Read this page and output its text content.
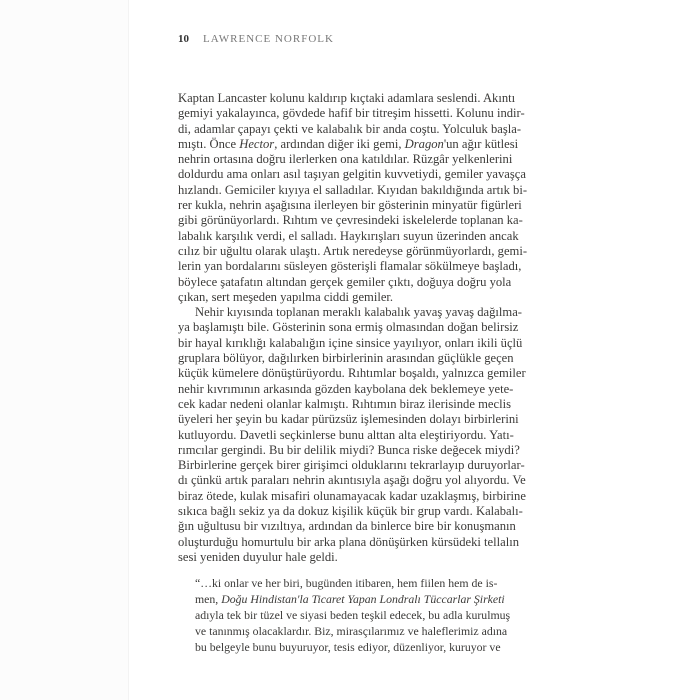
10 LAWRENCE NORFOLK
Kaptan Lancaster kolunu kaldırıp kıçtaki adamlara seslendi. Akıntı
gemiyi yakalayınca, gövdede hafif bir titreşim hissetti. Kolunu indir-
di, adamlar çapayı çekti ve kalabalık bir anda coştu. Yolculuk başla-
mıştı. Önce Hector, ardından diğer iki gemi, Dragon'un ağır kütlesi
nehrin ortasına doğru ilerlerken ona katıldılar. Rüzgâr yelkenlerini
doldurdu ama onları asıl taşıyan gelgitin kuvvetiydi, gemiler yavaşça
hızlandı. Gemiciler kıyıya el salladılar. Kıyıdan bakıldığında artık bi-
rer kukla, nehrin aşağısına ilerleyen bir gösterinin minyatür figürleri
gibi görünüyorlardı. Rıhtım ve çevresindeki iskelelerde toplanan ka-
labalık karşılık verdi, el salladı. Haykırışları suyun üzerinden ancak
cılız bir uğultu olarak ulaştı. Artık neredeyse görünmüyorlardı, gemi-
lerin yan bordalarını süsleyen gösterişli flamalar sökülmeye başladı,
böylece şatafatın altından gerçek gemiler çıktı, doğuya doğru yola
çıkan, sert meşeden yapılma ciddi gemiler.
Nehir kıyısında toplanan meraklı kalabalık yavaş yavaş dağılma-
ya başlamıştı bile. Gösterinin sona ermiş olmasından doğan belirsiz
bir hayal kırıklığı kalabalığın içine sinsice yayılıyor, onları ikili üçlü
gruplara bölüyor, dağılırken birbirlerinin arasından güçlükle geçen
küçük kümelere dönüştürüyordu. Rıhtımlar boşaldı, yalnızca gemiler
nehir kıvrımının arkasında gözden kaybolana dek beklemeye yete-
cek kadar nedeni olanlar kalmıştı. Rıhtımın biraz ilerisinde meclis
üyeleri her şeyin bu kadar pürüzsüz işlemesinden dolayı birbirlerini
kutluyordu. Davetli seçkinlerse bunu alttan alta eleştiriyordu. Yatı-
rımcılar gergindi. Bu bir delilik miydi? Bunca riske değecek miydi?
Birbirlerine gerçek birer girişimci olduklarını tekrarlayıp duruyorlar-
dı çünkü artık paraları nehrin akıntısıyla aşağı doğru yol alıyordu. Ve
biraz ötede, kulak misafiri olunamayacak kadar uzaklaşmış, birbirine
sıkıca bağlı sekiz ya da dokuz kişilik küçük bir grup vardı. Kalabalı-
ğın uğultusu bir vızıltıya, ardından da binlerce bire bir konuşmanın
oluşturduğu homurtulu bir arka plana dönüşürken kürsüdeki tellalın
sesi yeniden duyulur hale geldi.
“…ki onlar ve her biri, bugünden itibaren, hem fiilen hem de is-
men, Doğu Hindistan'la Ticaret Yapan Londralı Tüccarlar Şirketi
adıyla tek bir tüzel ve siyasi beden teşkil edecek, bu adla kurulmuş
ve tanınmış olacaklardır. Biz, mirasçılarımız ve haleflerimiz adına
bu belgeyle bunu buyuruyor, tesis ediyor, düzenliyor, kuruyor ve
